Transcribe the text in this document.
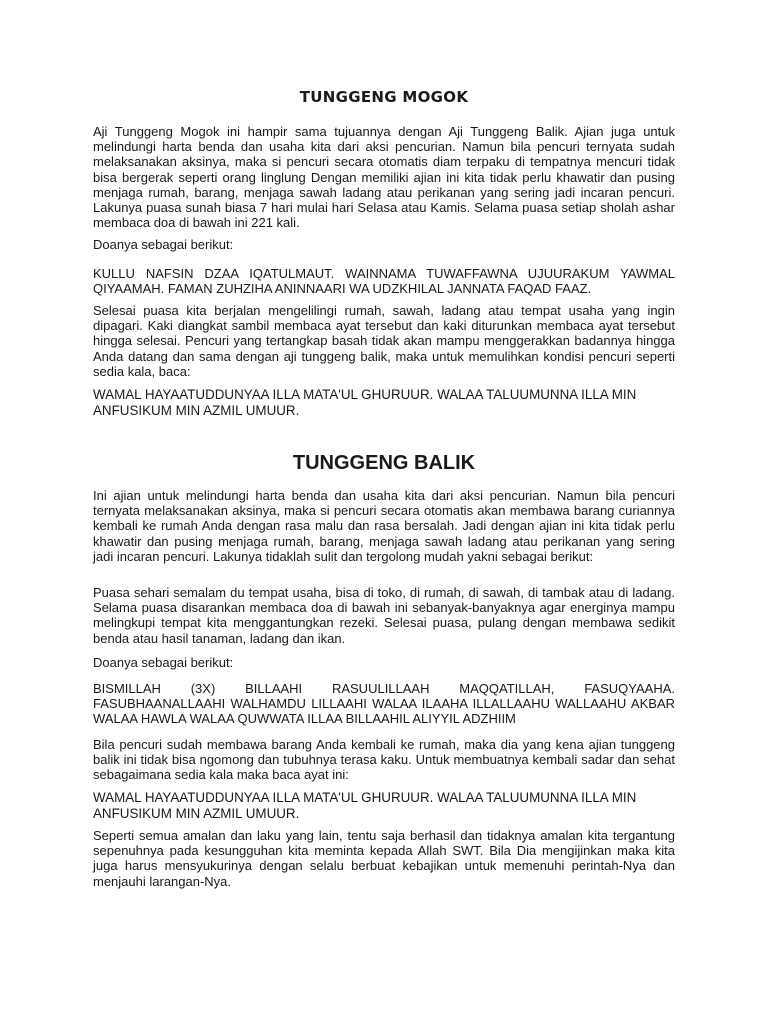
TUNGGENG MOGOK

Aji Tunggeng Mogok ini hampir sama tujuannya dengan Aji Tunggeng Balik. Ajian juga untuk melindungi harta benda dan usaha kita dari aksi pencurian. Namun bila pencuri ternyata sudah melaksanakan aksinya, maka si pencuri secara otomatis diam terpaku di tempatnya mencuri tidak bisa bergerak seperti orang linglung Dengan memiliki ajian ini kita tidak perlu khawatir dan pusing menjaga rumah, barang, menjaga sawah ladang atau perikanan yang sering jadi incaran pencuri. Lakunya puasa sunah biasa 7 hari mulai hari Selasa atau Kamis. Selama puasa setiap sholah ashar membaca doa di bawah ini 221 kali.

Doanya sebagai berikut:

KULLU NAFSIN DZAA IQATULMAUT. WAINNAMA TUWAFFAWNA UJUURAKUM YAWMAL QIYAAMAH. FAMAN ZUHZIHA ANINNAARI WA UDZKHILAL JANNATA FAQAD FAAZ.

Selesai puasa kita berjalan mengelilingi rumah, sawah, ladang atau tempat usaha yang ingin dipagari. Kaki diangkat sambil membaca ayat tersebut dan kaki diturunkan membaca ayat tersebut hingga selesai. Pencuri yang tertangkap basah tidak akan mampu menggerakkan badannya hingga Anda datang dan sama dengan aji tunggeng balik, maka untuk memulihkan kondisi pencuri seperti sedia kala, baca:

WAMAL HAYAATUDDUNYAA ILLA MATA'UL GHURUUR. WALAA TALUUMUNNA ILLA MIN ANFUSIKUM MIN AZMIL UMUUR.

TUNGGENG BALIK

Ini ajian untuk melindungi harta benda dan usaha kita dari aksi pencurian. Namun bila pencuri ternyata melaksanakan aksinya, maka si pencuri secara otomatis akan membawa barang curiannya kembali ke rumah Anda dengan rasa malu dan rasa bersalah. Jadi dengan ajian ini kita tidak perlu khawatir dan pusing menjaga rumah, barang, menjaga sawah ladang atau perikanan yang sering jadi incaran pencuri. Lakunya tidaklah sulit dan tergolong mudah yakni sebagai berikut:

Puasa sehari semalam du tempat usaha, bisa di toko, di rumah, di sawah, di tambak atau di ladang. Selama puasa disarankan membaca doa di bawah ini sebanyak-banyaknya agar energinya mampu melingkupi tempat kita menggantungkan rezeki. Selesai puasa, pulang dengan membawa sedikit benda atau hasil tanaman, ladang dan ikan.

Doanya sebagai berikut:

BISMILLAH (3X) BILLAAHI RASUULILLAAH MAQQATILLAH, FASUQYAAHA. FASUBHAANALLAAHI WALHAMDU LILLAAHI WALAA ILAAHA ILLALLAAHU WALLAAHU AKBAR WALAA HAWLA WALAA QUWWATA ILLAA BILLAAHIL ALIYYIL ADZHIIM

Bila pencuri sudah membawa barang Anda kembali ke rumah, maka dia yang kena ajian tunggeng balik ini tidak bisa ngomong dan tubuhnya terasa kaku. Untuk membuatnya kembali sadar dan sehat sebagaimana sedia kala maka baca ayat ini:

WAMAL HAYAATUDDUNYAA ILLA MATA'UL GHURUUR. WALAA TALUUMUNNA ILLA MIN ANFUSIKUM MIN AZMIL UMUUR.

Seperti semua amalan dan laku yang lain, tentu saja berhasil dan tidaknya amalan kita tergantung sepenuhnya pada kesungguhan kita meminta kepada Allah SWT. Bila Dia mengijinkan maka kita juga harus mensyukurinya dengan selalu berbuat kebajikan untuk memenuhi perintah-Nya dan menjauhi larangan-Nya.
